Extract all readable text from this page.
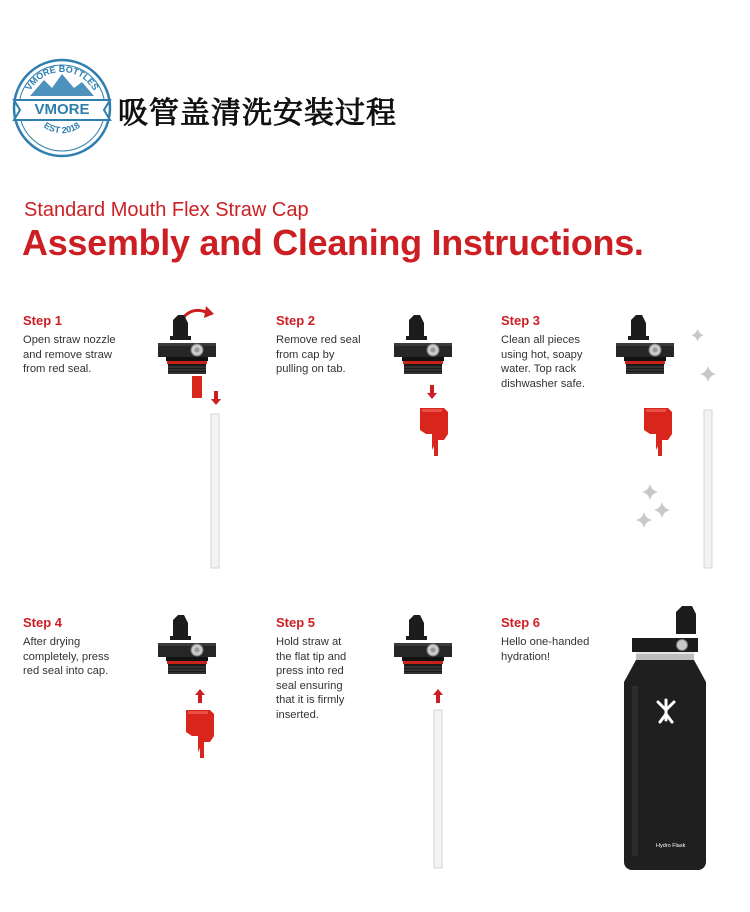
VMORE BOTTLES
VMORE
EST 2018 吸管盖清洗安装过程
Standard Mouth Flex Straw Cap
Assembly and Cleaning Instructions.
Step 1
Open straw nozzle
and remove straw
from red seal.
Step 2
Remove red seal
from cap by
pulling on tab.
Step 3
Clean all pieces
using hot, soapy
water. Top rack
dishwasher safe.
Step 4
After drying
completely, press
red seal into cap.
Step 5
Hold straw at
the flat tip and
press into red
seal ensuring
that it is firmly
inserted.
Step 6
Hello one-handed
hydration!
Hydro Flask
